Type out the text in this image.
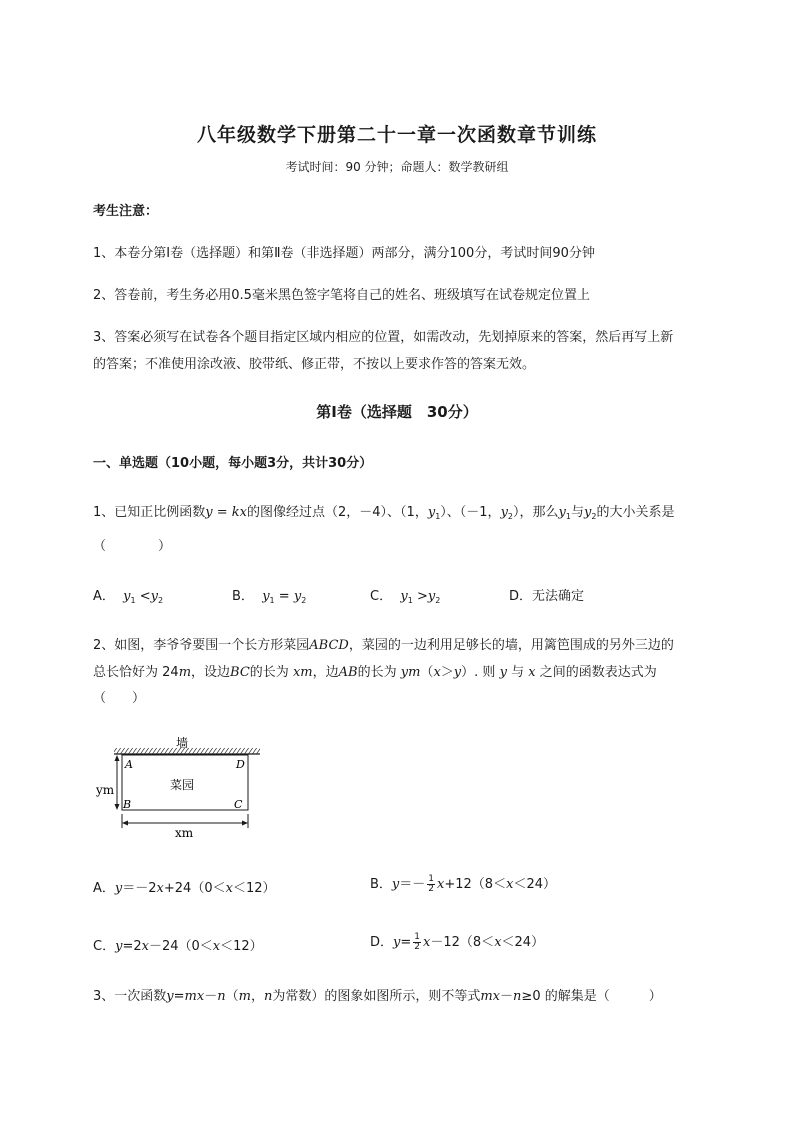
八年级数学下册第二十一章一次函数章节训练
考试时间：90 分钟；命题人：数学教研组
考生注意：
1、本卷分第I卷（选择题）和第Ⅱ卷（非选择题）两部分，满分100分，考试时间90分钟
2、答卷前，考生务必用0.5毫米黑色签字笔将自己的姓名、班级填写在试卷规定位置上
3、答案必须写在试卷各个题目指定区域内相应的位置，如需改动，先划掉原来的答案，然后再写上新
的答案；不准使用涂改液、胶带纸、修正带，不按以上要求作答的答案无效。
第Ⅰ卷（选择题　30分）
一、单选题（10小题，每小题3分，共计30分）
1、已知正比例函数y = kx的图像经过点（2，－4）、（1，$y_1$）、（－1，$y_2$），那么$y_1$与$y_2$的大小关系是
（　　　　）
A． $y_1 <y_2$	B． $y_1 = y_2$	C． $y_1 >y_2$	D．无法确定
2、如图，李爷爷要围一个长方形菜园ABCD，菜园的一边利用足够长的墙，用篱笆围成的另外三边的
总长恰好为 24m，设边BC的长为 xm，边AB的长为 ym（x＞y）. 则 y 与 x 之间的函数表达式为
（　　）
墙
菜园
A	D
B	C
ym
xm
A．y＝－2x+24（0＜x＜12）	B．$y=- \frac{1}{2} x+12(8<x<24)$
C．y=2x－24（0＜x＜12）	D．$y= \frac{1}{2} x-12(8<x<24)$
3、一次函数y=mx－n（m，n为常数）的图象如图所示，则不等式mx－n≥0 的解集是（　　　）
